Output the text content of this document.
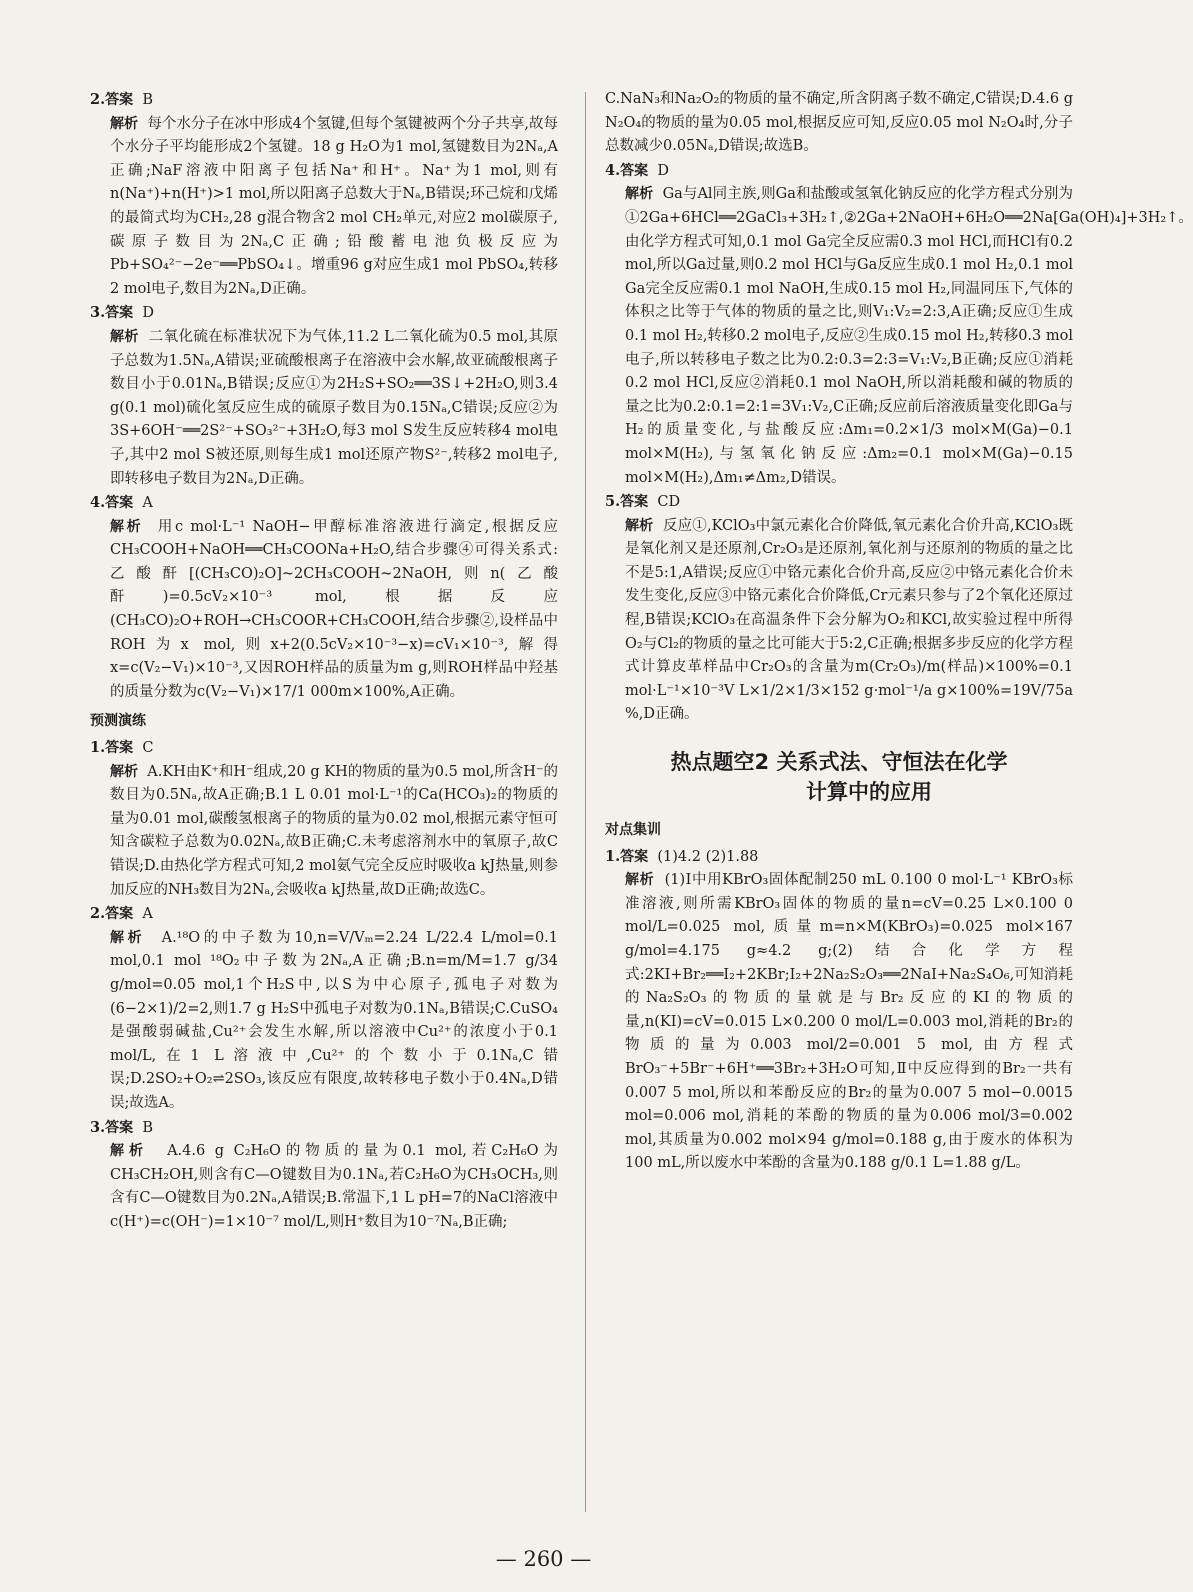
2.答案 B
解析 每个水分子在冰中形成4个氢键,但每个氢键被两个分子共享,故每个水分子平均能形成2个氢键。18 g H₂O为1 mol,氢键数目为2Nₐ,A正确;NaF溶液中阳离子包括Na⁺和H⁺。Na⁺为1 mol,则有n(Na⁺)+n(H⁺)>1 mol,所以阳离子总数大于Nₐ,B错误;环己烷和戊烯的最简式均为CH₂,28 g混合物含2 mol CH₂单元,对应2 mol碳原子,碳原子数目为2Nₐ,C正确;铅酸蓄电池负极反应为Pb+SO₄²⁻−2e⁻══PbSO₄↓。增重96 g对应生成1 mol PbSO₄,转移2 mol电子,数目为2Nₐ,D正确。
3.答案 D
解析 二氧化硫在标准状况下为气体,11.2 L二氧化硫为0.5 mol,其原子总数为1.5Nₐ,A错误;亚硫酸根离子在溶液中会水解,故亚硫酸根离子数目小于0.01Nₐ,B错误;反应①为2H₂S+SO₂══3S↓+2H₂O,则3.4 g(0.1 mol)硫化氢反应生成的硫原子数目为0.15Nₐ,C错误;反应②为3S+6OH⁻══2S²⁻+SO₃²⁻+3H₂O,每3 mol S发生反应转移4 mol电子,其中2 mol S被还原,则每生成1 mol还原产物S²⁻,转移2 mol电子,即转移电子数目为2Nₐ,D正确。
4.答案 A
解析 用c mol·L⁻¹ NaOH−甲醇标准溶液进行滴定,根据反应CH₃COOH+NaOH══CH₃COONa+H₂O,结合步骤④可得关系式:乙酸酐[(CH₃CO)₂O]~2CH₃COOH~2NaOH,则n(乙酸酐)=0.5cV₂×10⁻³ mol,根据反应(CH₃CO)₂O+ROH→CH₃COOR+CH₃COOH,结合步骤②,设样品中ROH为x mol,则x+2(0.5cV₂×10⁻³−x)=cV₁×10⁻³,解得x=c(V₂−V₁)×10⁻³,又因ROH样品的质量为m g,则ROH样品中羟基的质量分数为c(V₂−V₁)×17/1 000m×100%,A正确。
预测演练
1.答案 C
解析 A.KH由K⁺和H⁻组成,20 g KH的物质的量为0.5 mol,所含H⁻的数目为0.5Nₐ,故A正确;B.1 L 0.01 mol·L⁻¹的Ca(HCO₃)₂的物质的量为0.01 mol,碳酸氢根离子的物质的量为0.02 mol,根据元素守恒可知含碳粒子总数为0.02Nₐ,故B正确;C.未考虑溶剂水中的氧原子,故C错误;D.由热化学方程式可知,2 mol氨气完全反应时吸收a kJ热量,则参加反应的NH₃数目为2Nₐ,会吸收a kJ热量,故D正确;故选C。
2.答案 A
解析 A.¹⁸O的中子数为10,n=V/Vₘ=2.24 L/22.4 L/mol=0.1 mol,0.1 mol ¹⁸O₂中子数为2Nₐ,A正确;B.n=m/M=1.7 g/34 g/mol=0.05 mol,1个H₂S中,以S为中心原子,孤电子对数为(6−2×1)/2=2,则1.7 g H₂S中孤电子对数为0.1Nₐ,B错误;C.CuSO₄是强酸弱碱盐,Cu²⁺会发生水解,所以溶液中Cu²⁺的浓度小于0.1 mol/L,在1 L溶液中,Cu²⁺的个数小于0.1Nₐ,C错误;D.2SO₂+O₂⇌2SO₃,该反应有限度,故转移电子数小于0.4Nₐ,D错误;故选A。
3.答案 B
解析 A.4.6 g C₂H₆O的物质的量为0.1 mol,若C₂H₆O为CH₃CH₂OH,则含有C—O键数目为0.1Nₐ,若C₂H₆O为CH₃OCH₃,则含有C—O键数目为0.2Nₐ,A错误;B.常温下,1 L pH=7的NaCl溶液中c(H⁺)=c(OH⁻)=1×10⁻⁷ mol/L,则H⁺数目为10⁻⁷Nₐ,B正确;
C.NaN₃和Na₂O₂的物质的量不确定,所含阴离子数不确定,C错误;D.4.6 g N₂O₄的物质的量为0.05 mol,根据反应可知,反应0.05 mol N₂O₄时,分子总数减少0.05Nₐ,D错误;故选B。
4.答案 D
解析 Ga与Al同主族,则Ga和盐酸或氢氧化钠反应的化学方程式分别为①2Ga+6HCl══2GaCl₃+3H₂↑,②2Ga+2NaOH+6H₂O══2Na[Ga(OH)₄]+3H₂↑。由化学方程式可知,0.1 mol Ga完全反应需0.3 mol HCl,而HCl有0.2 mol,所以Ga过量,则0.2 mol HCl与Ga反应生成0.1 mol H₂,0.1 mol Ga完全反应需0.1 mol NaOH,生成0.15 mol H₂,同温同压下,气体的体积之比等于气体的物质的量之比,则V₁:V₂=2:3,A正确;反应①生成0.1 mol H₂,转移0.2 mol电子,反应②生成0.15 mol H₂,转移0.3 mol电子,所以转移电子数之比为0.2:0.3=2:3=V₁:V₂,B正确;反应①消耗0.2 mol HCl,反应②消耗0.1 mol NaOH,所以消耗酸和碱的物质的量之比为0.2:0.1=2:1=3V₁:V₂,C正确;反应前后溶液质量变化即Ga与H₂的质量变化,与盐酸反应:Δm₁=0.2×1/3 mol×M(Ga)−0.1 mol×M(H₂),与氢氧化钠反应:Δm₂=0.1 mol×M(Ga)−0.15 mol×M(H₂),Δm₁≠Δm₂,D错误。
5.答案 CD
解析 反应①,KClO₃中氯元素化合价降低,氧元素化合价升高,KClO₃既是氧化剂又是还原剂,Cr₂O₃是还原剂,氧化剂与还原剂的物质的量之比不是5:1,A错误;反应①中铬元素化合价升高,反应②中铬元素化合价未发生变化,反应③中铬元素化合价降低,Cr元素只参与了2个氧化还原过程,B错误;KClO₃在高温条件下会分解为O₂和KCl,故实验过程中所得O₂与Cl₂的物质的量之比可能大于5:2,C正确;根据多步反应的化学方程式计算皮革样品中Cr₂O₃的含量为m(Cr₂O₃)/m(样品)×100%=0.1 mol·L⁻¹×10⁻³V L×1/2×1/3×152 g·mol⁻¹/a g×100%=19V/75a %,D正确。
热点题空2 关系式法、守恒法在化学
计算中的应用
对点集训
1.答案 (1)4.2 (2)1.88
解析 (1)Ⅰ中用KBrO₃固体配制250 mL 0.100 0 mol·L⁻¹ KBrO₃标准溶液,则所需KBrO₃固体的物质的量n=cV=0.25 L×0.100 0 mol/L=0.025 mol,质量m=n×M(KBrO₃)=0.025 mol×167 g/mol=4.175 g≈4.2 g;(2)结合化学方程式:2KI+Br₂══I₂+2KBr;I₂+2Na₂S₂O₃══2NaI+Na₂S₄O₆,可知消耗的Na₂S₂O₃的物质的量就是与Br₂反应的KI的物质的量,n(KI)=cV=0.015 L×0.200 0 mol/L=0.003 mol,消耗的Br₂的物质的量为0.003 mol/2=0.001 5 mol,由方程式BrO₃⁻+5Br⁻+6H⁺══3Br₂+3H₂O可知,Ⅱ中反应得到的Br₂一共有0.007 5 mol,所以和苯酚反应的Br₂的量为0.007 5 mol−0.0015 mol=0.006 mol,消耗的苯酚的物质的量为0.006 mol/3=0.002 mol,其质量为0.002 mol×94 g/mol=0.188 g,由于废水的体积为100 mL,所以废水中苯酚的含量为0.188 g/0.1 L=1.88 g/L。
— 260 —
